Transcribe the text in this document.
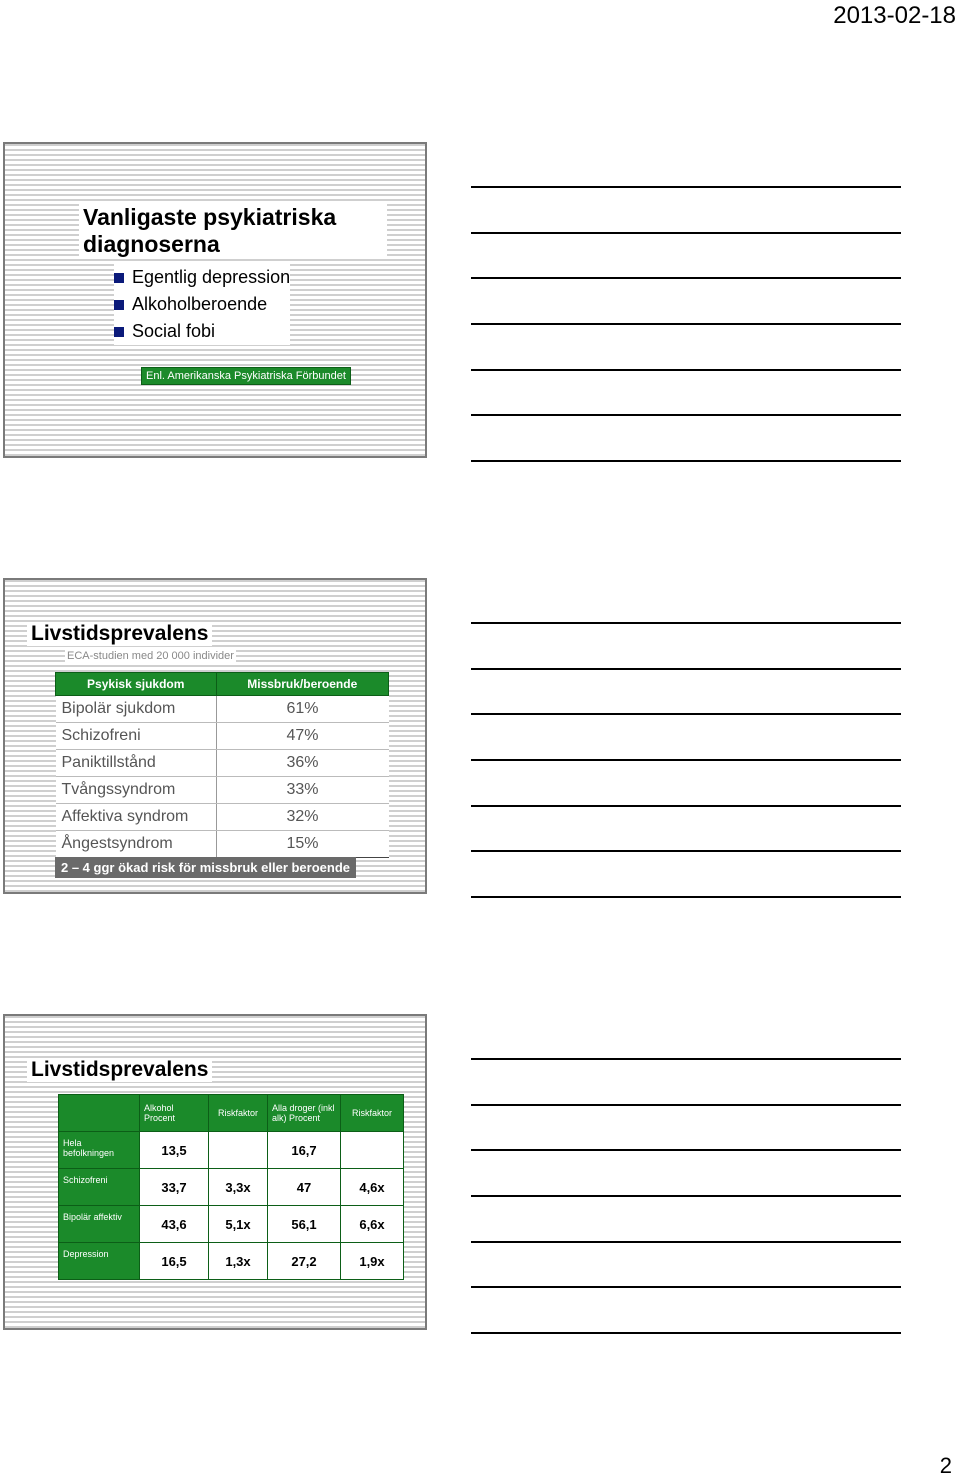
2013-02-18
Vanligaste psykiatriska diagnoserna
Egentlig depression
Alkoholberoende
Social fobi
Enl. Amerikanska Psykiatriska Förbundet
Livstidsprevalens
ECA-studien med 20 000 individer
Psykisk sjukdom	Missbruk/beroende
Bipolär sjukdom	61%
Schizofreni	47%
Paniktillstånd	36%
Tvångssyndrom	33%
Affektiva syndrom	32%
Ångestsyndrom	15%
2 – 4 ggr ökad risk för missbruk eller beroende
Livstidsprevalens
	Alkohol Procent	Riskfaktor	Alla droger (inkl alk) Procent	Riskfaktor
Hela befolkningen	13,5		16,7	
Schizofreni	33,7	3,3x	47	4,6x
Bipolär affektiv	43,6	5,1x	56,1	6,6x
Depression	16,5	1,3x	27,2	1,9x
2
